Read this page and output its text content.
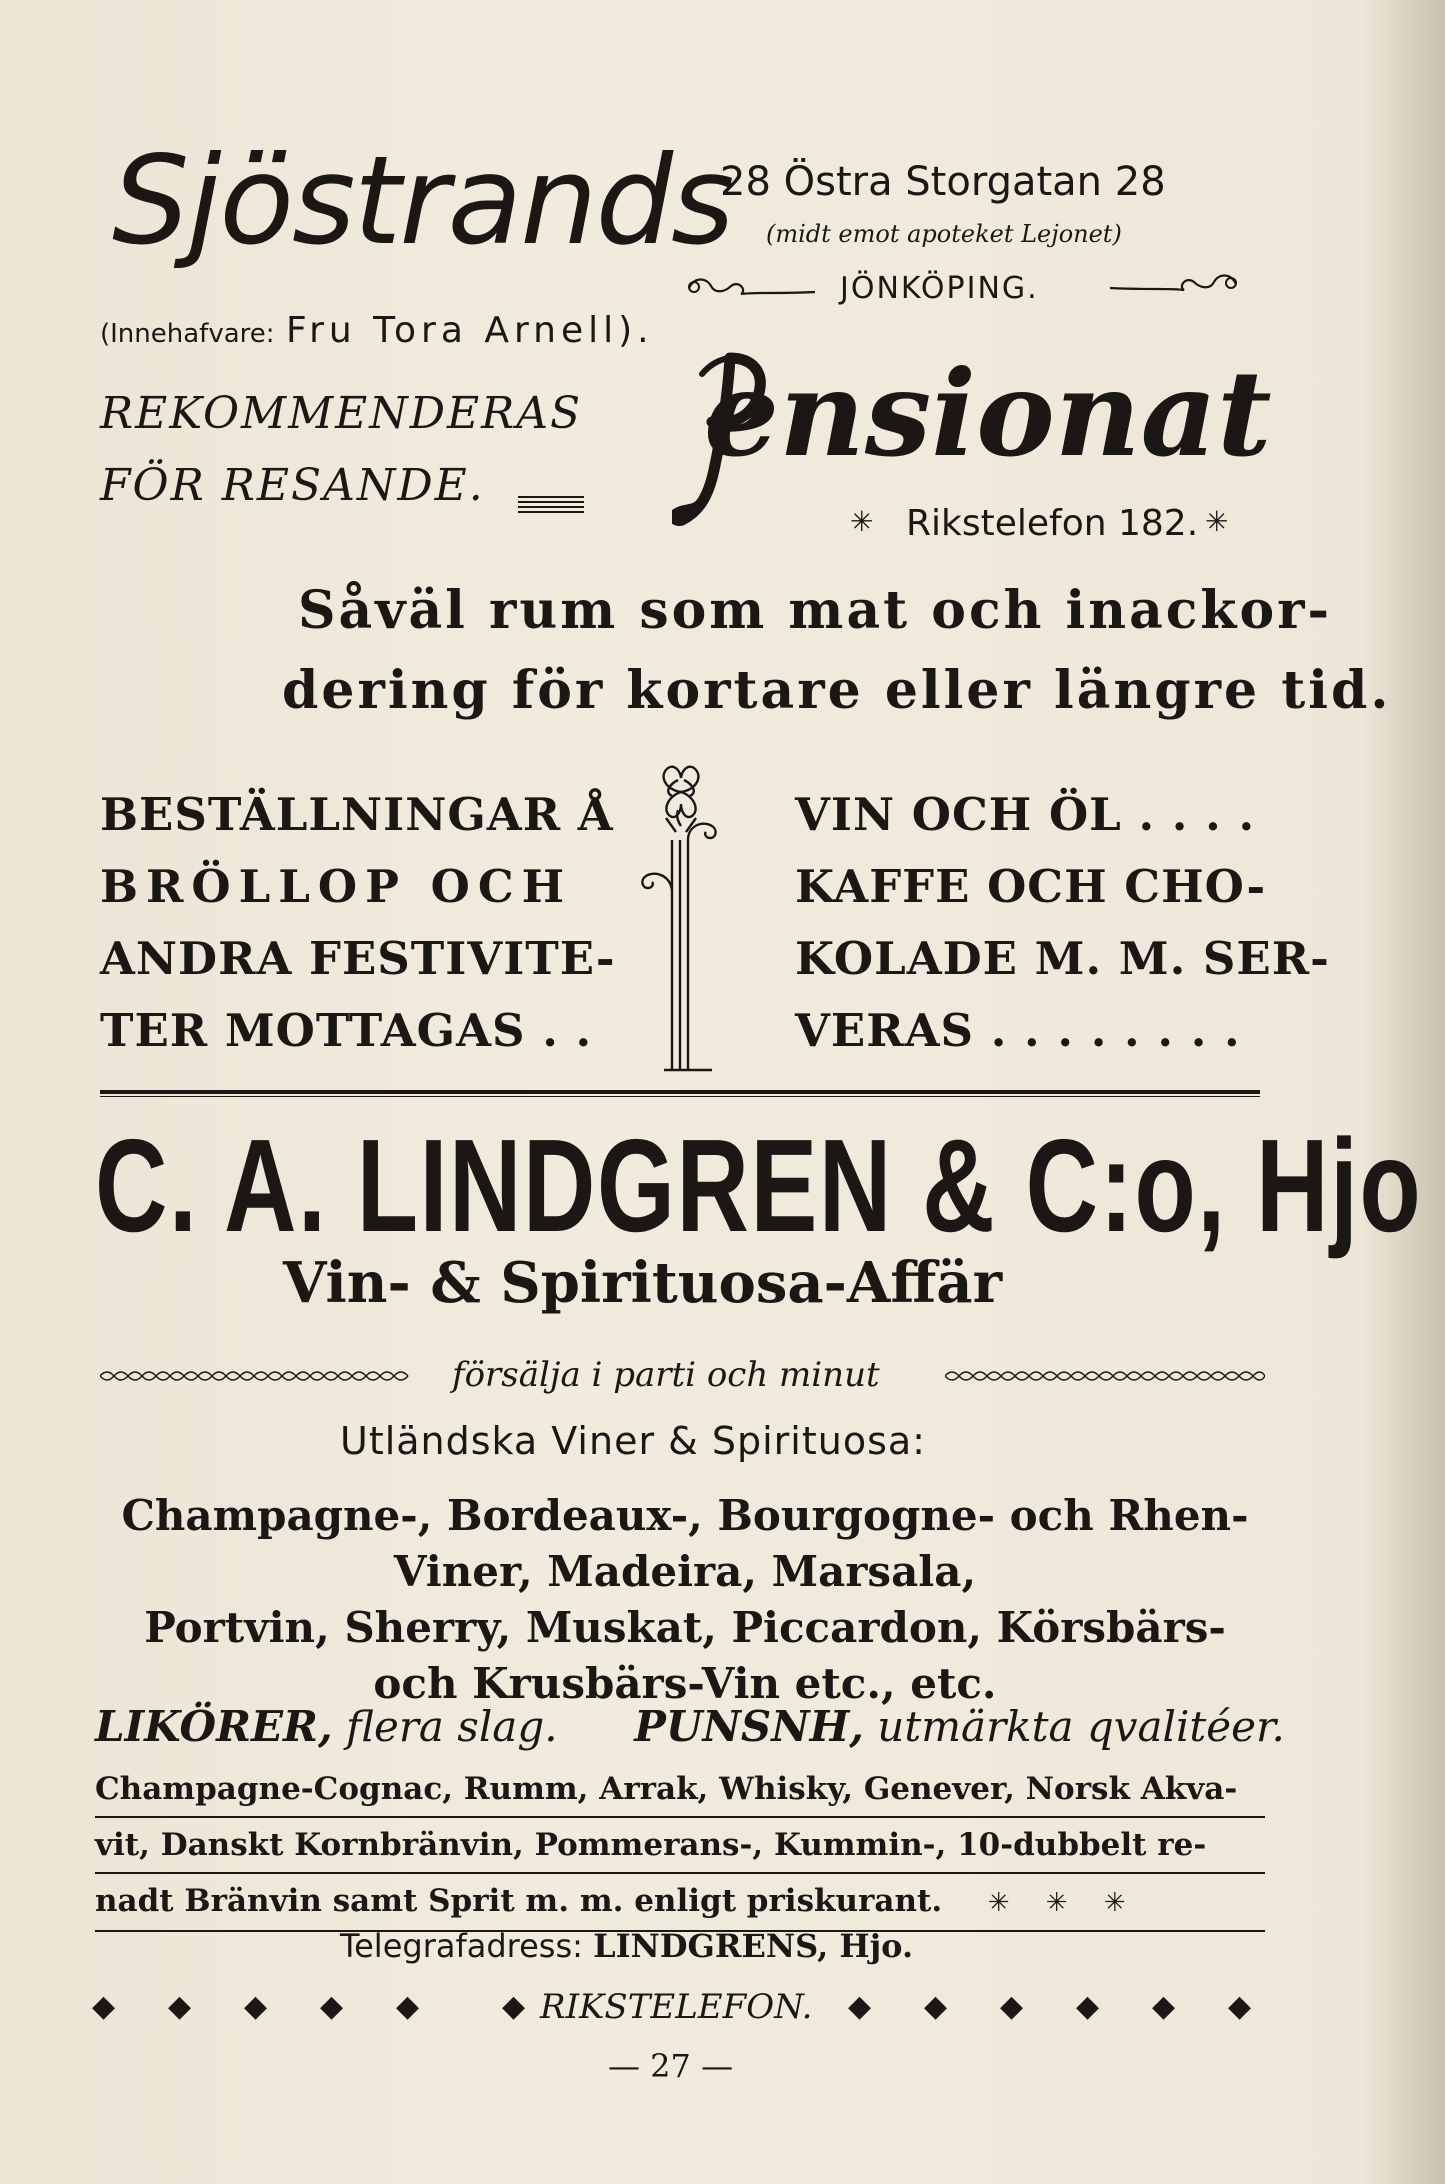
Sjöstrands
(Innehafvare: Fru Tora Arnell).
REKOMMENDERAS
FÖR RESANDE.
28 Östra Storgatan 28
(midt emot apoteket Lejonet)
JÖNKÖPING.
ensionat
✳ Rikstelefon 182. ✳
Såväl rum som mat och inackor-
dering för kortare eller längre tid.
BESTÄLLNINGAR Å
BRÖLLOP OCH
ANDRA FESTIVITE-
TER MOTTAGAS . .
VIN OCH ÖL . . . .
KAFFE OCH CHO-
KOLADE M. M. SER-
VERAS . . . . . . . .
C. A. LINDGREN & C:o, Hjo
Vin- & Spirituosa-Affär
försälja i parti och minut
Utländska Viner & Spirituosa:
Champagne-, Bordeaux-, Bourgogne- och Rhen-
Viner, Madeira, Marsala,
Portvin, Sherry, Muskat, Piccardon, Körsbärs-
och Krusbärs-Vin etc., etc.
LIKÖRER, flera slag. PUNSNH, utmärkta qvalitéer.
Champagne-Cognac, Rumm, Arrak, Whisky, Genever, Norsk Akva-
vit, Danskt Kornbränvin, Pommerans-, Kummin-, 10-dubbelt re-
nadt Bränvin samt Sprit m. m. enligt priskurant. ✳ ✳ ✳
Telegrafadress: LINDGRENS, Hjo.
◆ ◆ ◆ ◆ ◆	◆ RIKSTELEFON. ◆ ◆ ◆ ◆ ◆ ◆
— 27 —
